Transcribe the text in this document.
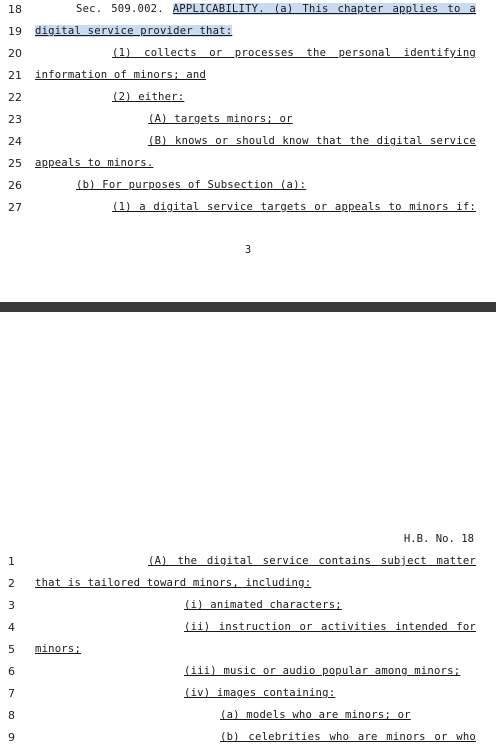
18	Sec. 509.002. APPLICABILITY. (a) This chapter applies to a
19	digital service provider that:
20	(1) collects or processes the personal identifying
21	information of minors; and
22	(2) either:
23	(A) targets minors; or
24	(B) knows or should know that the digital service
25	appeals to minors.
26	(b) For purposes of Subsection (a):
27	(1) a digital service targets or appeals to minors if:
3
H.B. No. 18
1	(A) the digital service contains subject matter
2	that is tailored toward minors, including:
3	(i) animated characters;
4	(ii) instruction or activities intended for
5	minors;
6	(iii) music or audio popular among minors;
7	(iv) images containing:
8	(a) models who are minors; or
9	(b) celebrities who are minors or who
